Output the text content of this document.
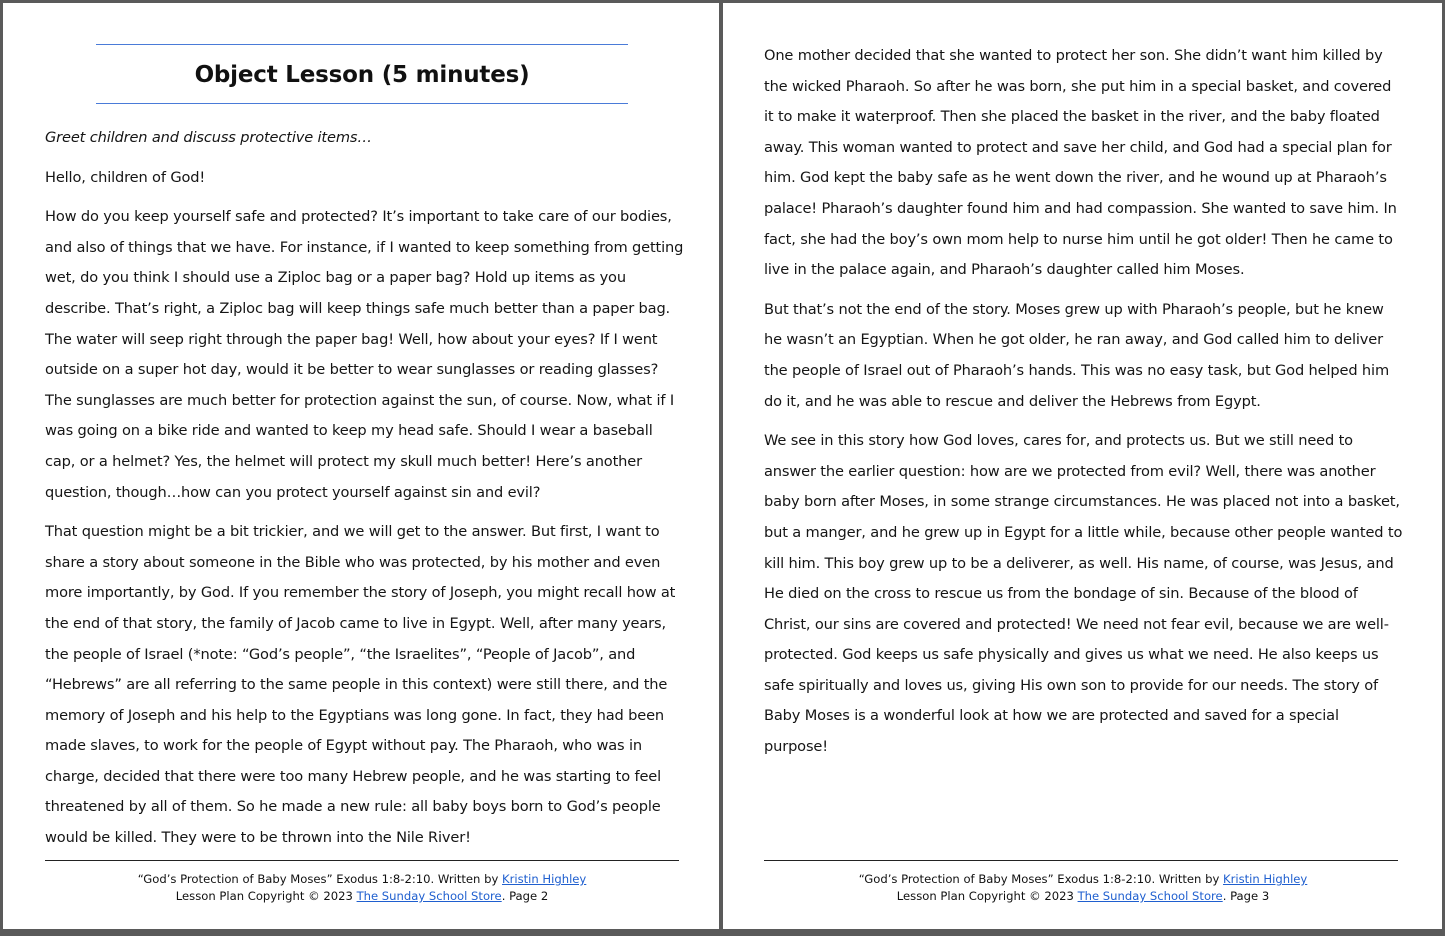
Object Lesson (5 minutes)

Greet children and discuss protective items…

Hello, children of God!

How do you keep yourself safe and protected? It’s important to take care of our bodies, and also of things that we have. For instance, if I wanted to keep something from getting wet, do you think I should use a Ziploc bag or a paper bag? Hold up items as you describe. That’s right, a Ziploc bag will keep things safe much better than a paper bag. The water will seep right through the paper bag! Well, how about your eyes? If I went outside on a super hot day, would it be better to wear sunglasses or reading glasses? The sunglasses are much better for protection against the sun, of course. Now, what if I was going on a bike ride and wanted to keep my head safe. Should I wear a baseball cap, or a helmet? Yes, the helmet will protect my skull much better! Here’s another question, though…how can you protect yourself against sin and evil?

That question might be a bit trickier, and we will get to the answer. But first, I want to share a story about someone in the Bible who was protected, by his mother and even more importantly, by God. If you remember the story of Joseph, you might recall how at the end of that story, the family of Jacob came to live in Egypt. Well, after many years, the people of Israel (*note: “God’s people”, “the Israelites”, “People of Jacob”, and “Hebrews” are all referring to the same people in this context) were still there, and the memory of Joseph and his help to the Egyptians was long gone. In fact, they had been made slaves, to work for the people of Egypt without pay. The Pharaoh, who was in charge, decided that there were too many Hebrew people, and he was starting to feel threatened by all of them. So he made a new rule: all baby boys born to God’s people would be killed. They were to be thrown into the Nile River!

“God’s Protection of Baby Moses” Exodus 1:8-2:10. Written by Kristin Highley
Lesson Plan Copyright © 2023 The Sunday School Store. Page 2

One mother decided that she wanted to protect her son. She didn’t want him killed by the wicked Pharaoh. So after he was born, she put him in a special basket, and covered it to make it waterproof. Then she placed the basket in the river, and the baby floated away. This woman wanted to protect and save her child, and God had a special plan for him. God kept the baby safe as he went down the river, and he wound up at Pharaoh’s palace! Pharaoh’s daughter found him and had compassion. She wanted to save him. In fact, she had the boy’s own mom help to nurse him until he got older! Then he came to live in the palace again, and Pharaoh’s daughter called him Moses.

But that’s not the end of the story. Moses grew up with Pharaoh’s people, but he knew he wasn’t an Egyptian. When he got older, he ran away, and God called him to deliver the people of Israel out of Pharaoh’s hands. This was no easy task, but God helped him do it, and he was able to rescue and deliver the Hebrews from Egypt.

We see in this story how God loves, cares for, and protects us. But we still need to answer the earlier question: how are we protected from evil? Well, there was another baby born after Moses, in some strange circumstances. He was placed not into a basket, but a manger, and he grew up in Egypt for a little while, because other people wanted to kill him. This boy grew up to be a deliverer, as well. His name, of course, was Jesus, and He died on the cross to rescue us from the bondage of sin. Because of the blood of Christ, our sins are covered and protected! We need not fear evil, because we are well-protected. God keeps us safe physically and gives us what we need. He also keeps us safe spiritually and loves us, giving His own son to provide for our needs. The story of Baby Moses is a wonderful look at how we are protected and saved for a special purpose!

“God’s Protection of Baby Moses” Exodus 1:8-2:10. Written by Kristin Highley
Lesson Plan Copyright © 2023 The Sunday School Store. Page 3
